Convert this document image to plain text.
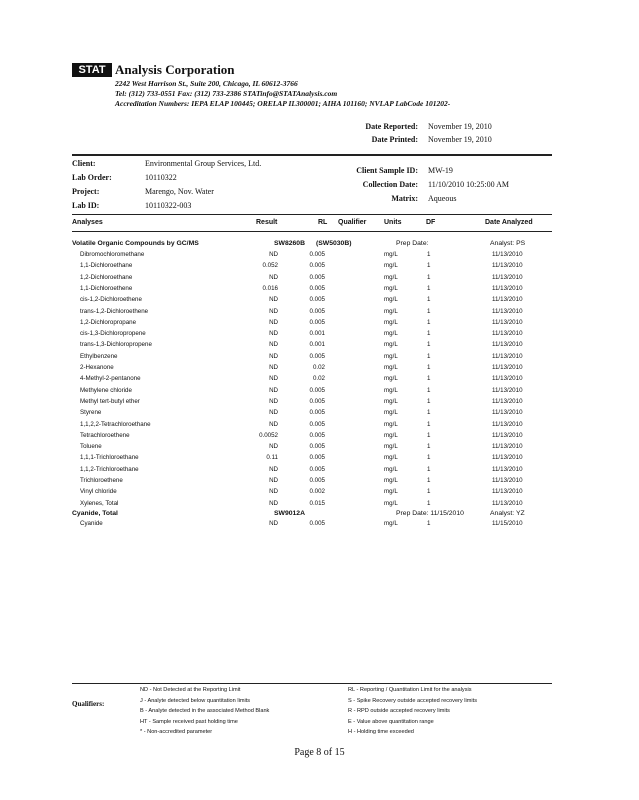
STAT Analysis Corporation
2242 West Harrison St., Suite 200, Chicago, IL 60612-3766
Tel: (312) 733-0551 Fax: (312) 733-2386 STATinfo@STATAnalysis.com
Accreditation Numbers: IEPA ELAP 100445; ORELAP IL300001; AIHA 101160; NVLAP LabCode 101202-
Date Reported: November 19, 2010
Date Printed: November 19, 2010
Client:	Environmental Group Services, Ltd.
Lab Order:	10110322
Project:	Marengo, Nov. Water
Lab ID:	10110322-003
Client Sample ID: MW-19
Collection Date: 11/10/2010 10:25:00 AM
Matrix: Aqueous
Analyses	Result	RL Qualifier	Units	DF	Date Analyzed
Volatile Organic Compounds by GC/MS	SW8260B (SW5030B)	Prep Date:	Analyst: PS
Dibromochloromethane	ND	0.005	mg/L	1	11/13/2010
1,1-Dichloroethane	0.052	0.005	mg/L	1	11/13/2010
1,2-Dichloroethane	ND	0.005	mg/L	1	11/13/2010
1,1-Dichloroethene	0.016	0.005	mg/L	1	11/13/2010
cis-1,2-Dichloroethene	ND	0.005	mg/L	1	11/13/2010
trans-1,2-Dichloroethene	ND	0.005	mg/L	1	11/13/2010
1,2-Dichloropropane	ND	0.005	mg/L	1	11/13/2010
cis-1,3-Dichloropropene	ND	0.001	mg/L	1	11/13/2010
trans-1,3-Dichloropropene	ND	0.001	mg/L	1	11/13/2010
Ethylbenzene	ND	0.005	mg/L	1	11/13/2010
2-Hexanone	ND	0.02	mg/L	1	11/13/2010
4-Methyl-2-pentanone	ND	0.02	mg/L	1	11/13/2010
Methylene chloride	ND	0.005	mg/L	1	11/13/2010
Methyl tert-butyl ether	ND	0.005	mg/L	1	11/13/2010
Styrene	ND	0.005	mg/L	1	11/13/2010
1,1,2,2-Tetrachloroethane	ND	0.005	mg/L	1	11/13/2010
Tetrachloroethene	0.0052	0.005	mg/L	1	11/13/2010
Toluene	ND	0.005	mg/L	1	11/13/2010
1,1,1-Trichloroethane	0.11	0.005	mg/L	1	11/13/2010
1,1,2-Trichloroethane	ND	0.005	mg/L	1	11/13/2010
Trichloroethene	ND	0.005	mg/L	1	11/13/2010
Vinyl chloride	ND	0.002	mg/L	1	11/13/2010
Xylenes, Total	ND	0.015	mg/L	1	11/13/2010
Cyanide, Total	SW9012A	Prep Date: 11/15/2010	Analyst: YZ
Cyanide	ND	0.005	mg/L	1	11/15/2010
Qualifiers:
ND - Not Detected at the Reporting Limit
J - Analyte detected below quantitation limits
B - Analyte detected in the associated Method Blank
HT - Sample received past holding time
* - Non-accredited parameter
RL - Reporting / Quantitation Limit for the analysis
S - Spike Recovery outside accepted recovery limits
R - RPD outside accepted recovery limits
E - Value above quantitation range
H - Holding time exceeded
Page 8 of 15
